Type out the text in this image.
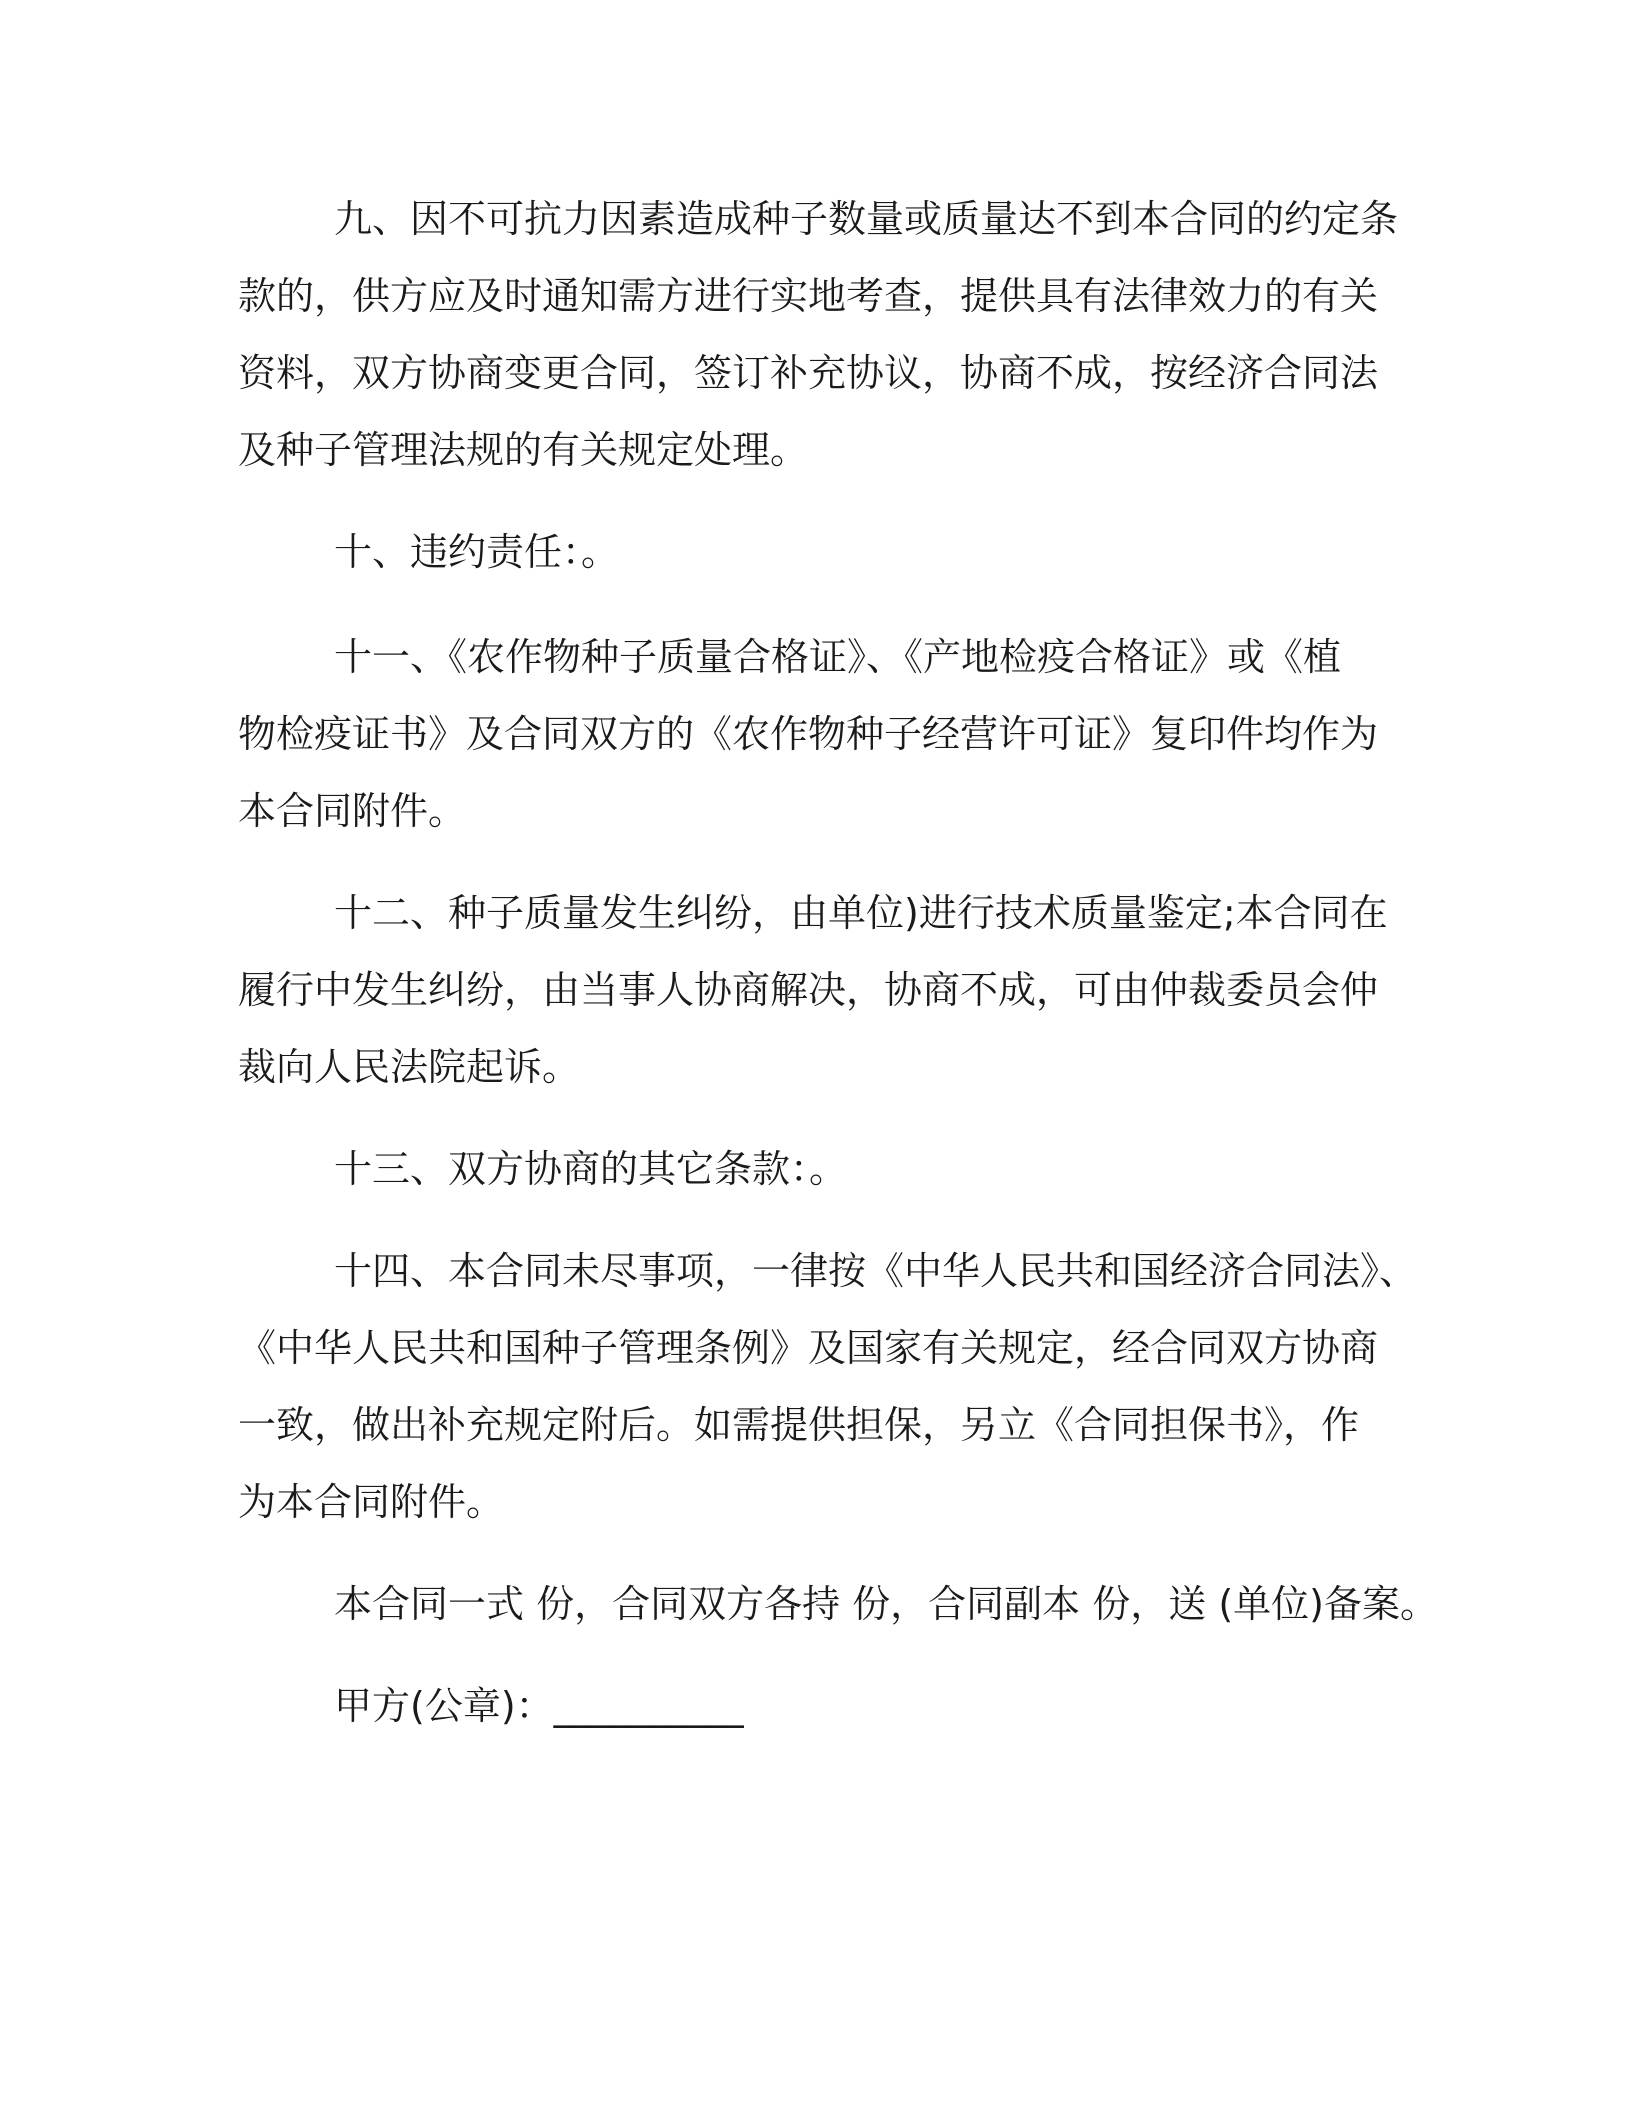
九、因不可抗力因素造成种子数量或质量达不到本合同的约定条
款的，供方应及时通知需方进行实地考查，提供具有法律效力的有关
资料，双方协商变更合同，签订补充协议，协商不成，按经济合同法
及种子管理法规的有关规定处理。
十、违约责任：。
十一、《农作物种子质量合格证》、《产地检疫合格证》或《植
物检疫证书》及合同双方的《农作物种子经营许可证》复印件均作为
本合同附件。
十二、种子质量发生纠纷，由单位)进行技术质量鉴定;本合同在
履行中发生纠纷，由当事人协商解决，协商不成，可由仲裁委员会仲
裁向人民法院起诉。
十三、双方协商的其它条款：。
十四、本合同未尽事项，一律按《中华人民共和国经济合同法》、
《中华人民共和国种子管理条例》及国家有关规定，经合同双方协商
一致，做出补充规定附后。如需提供担保，另立《合同担保书》，作
为本合同附件。
本合同一式 份，合同双方各持 份，合同副本 份，送 (单位)备案。
甲方(公章)：__________
